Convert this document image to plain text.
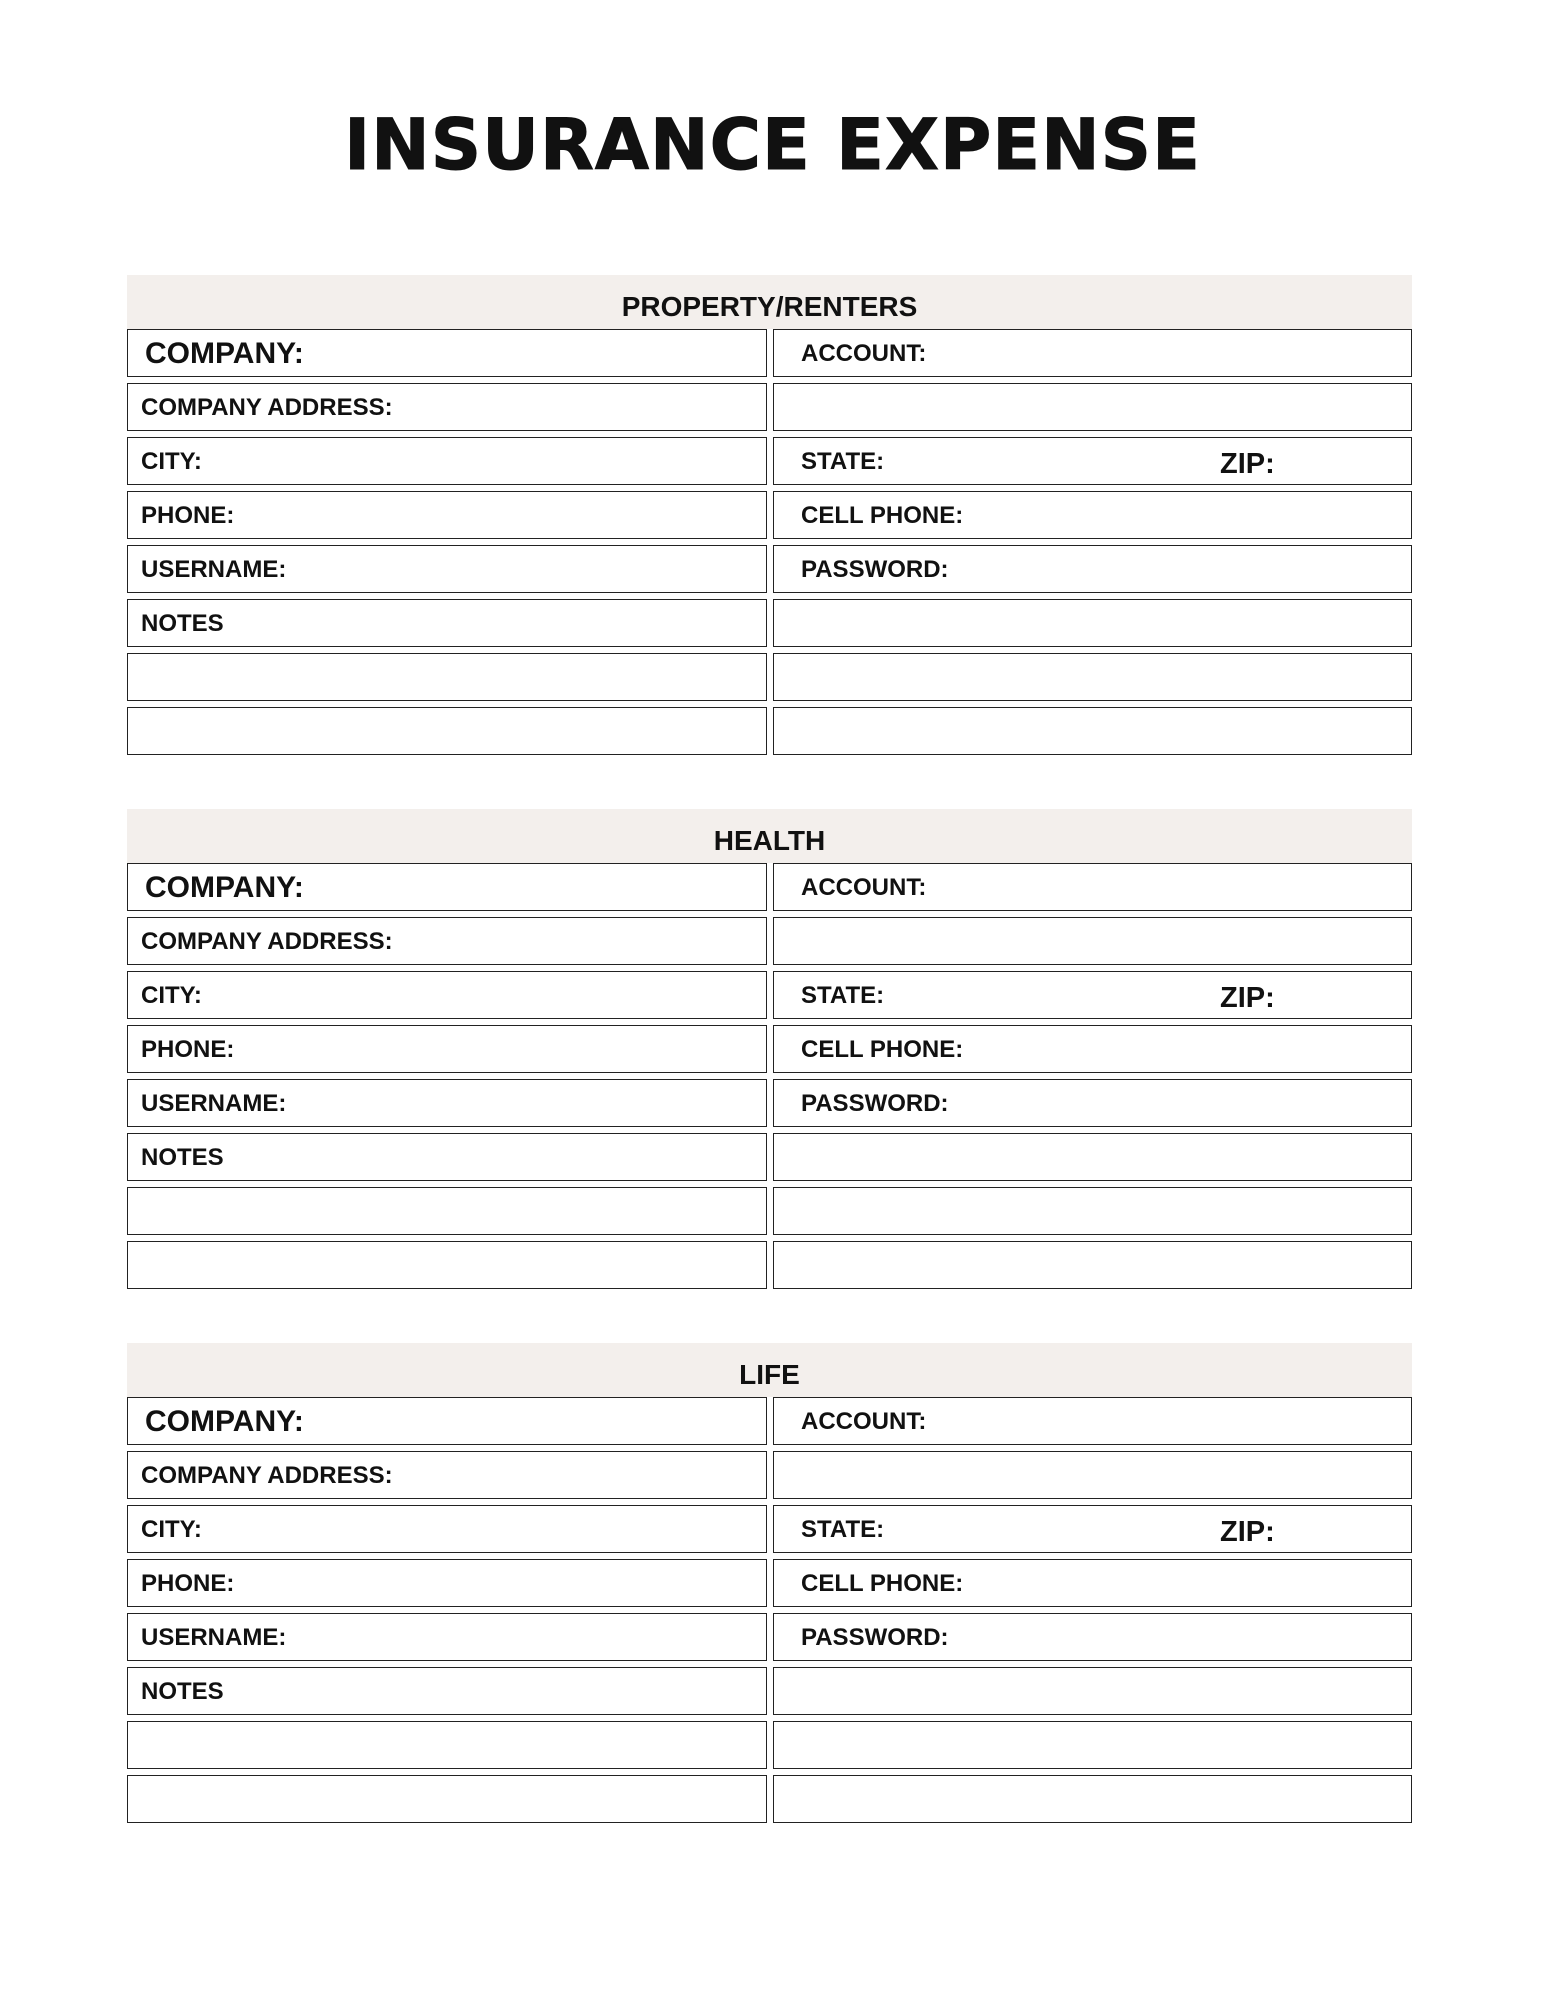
INSURANCE EXPENSE
PROPERTY/RENTERS
COMPANY:	ACCOUNT:
COMPANY ADDRESS:
CITY:	STATE:	ZIP:
PHONE:	CELL PHONE:
USERNAME:	PASSWORD:
NOTES
HEALTH
COMPANY:	ACCOUNT:
COMPANY ADDRESS:
CITY:	STATE:	ZIP:
PHONE:	CELL PHONE:
USERNAME:	PASSWORD:
NOTES
LIFE
COMPANY:	ACCOUNT:
COMPANY ADDRESS:
CITY:	STATE:	ZIP:
PHONE:	CELL PHONE:
USERNAME:	PASSWORD:
NOTES
